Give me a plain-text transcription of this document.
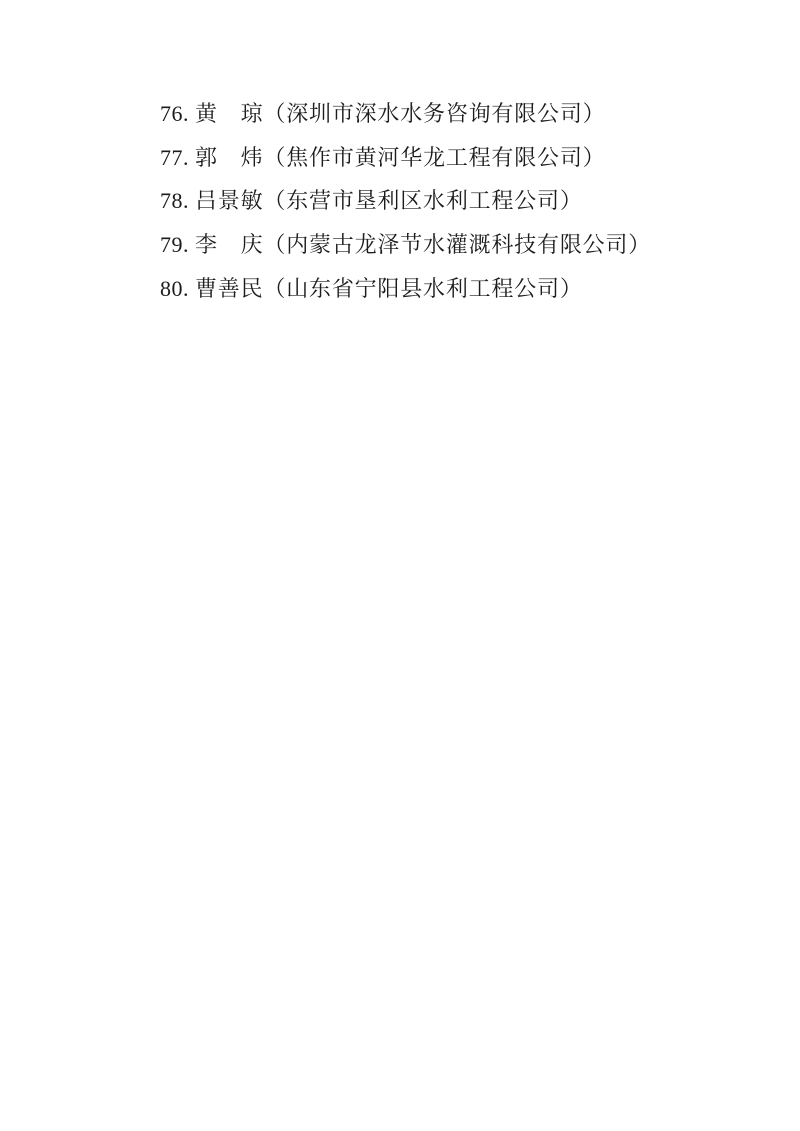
76. 黄　琼（深圳市深水水务咨询有限公司）
77. 郭　炜（焦作市黄河华龙工程有限公司）
78. 吕景敏（东营市垦利区水利工程公司）
79. 李　庆（内蒙古龙泽节水灌溉科技有限公司）
80. 曹善民（山东省宁阳县水利工程公司）
